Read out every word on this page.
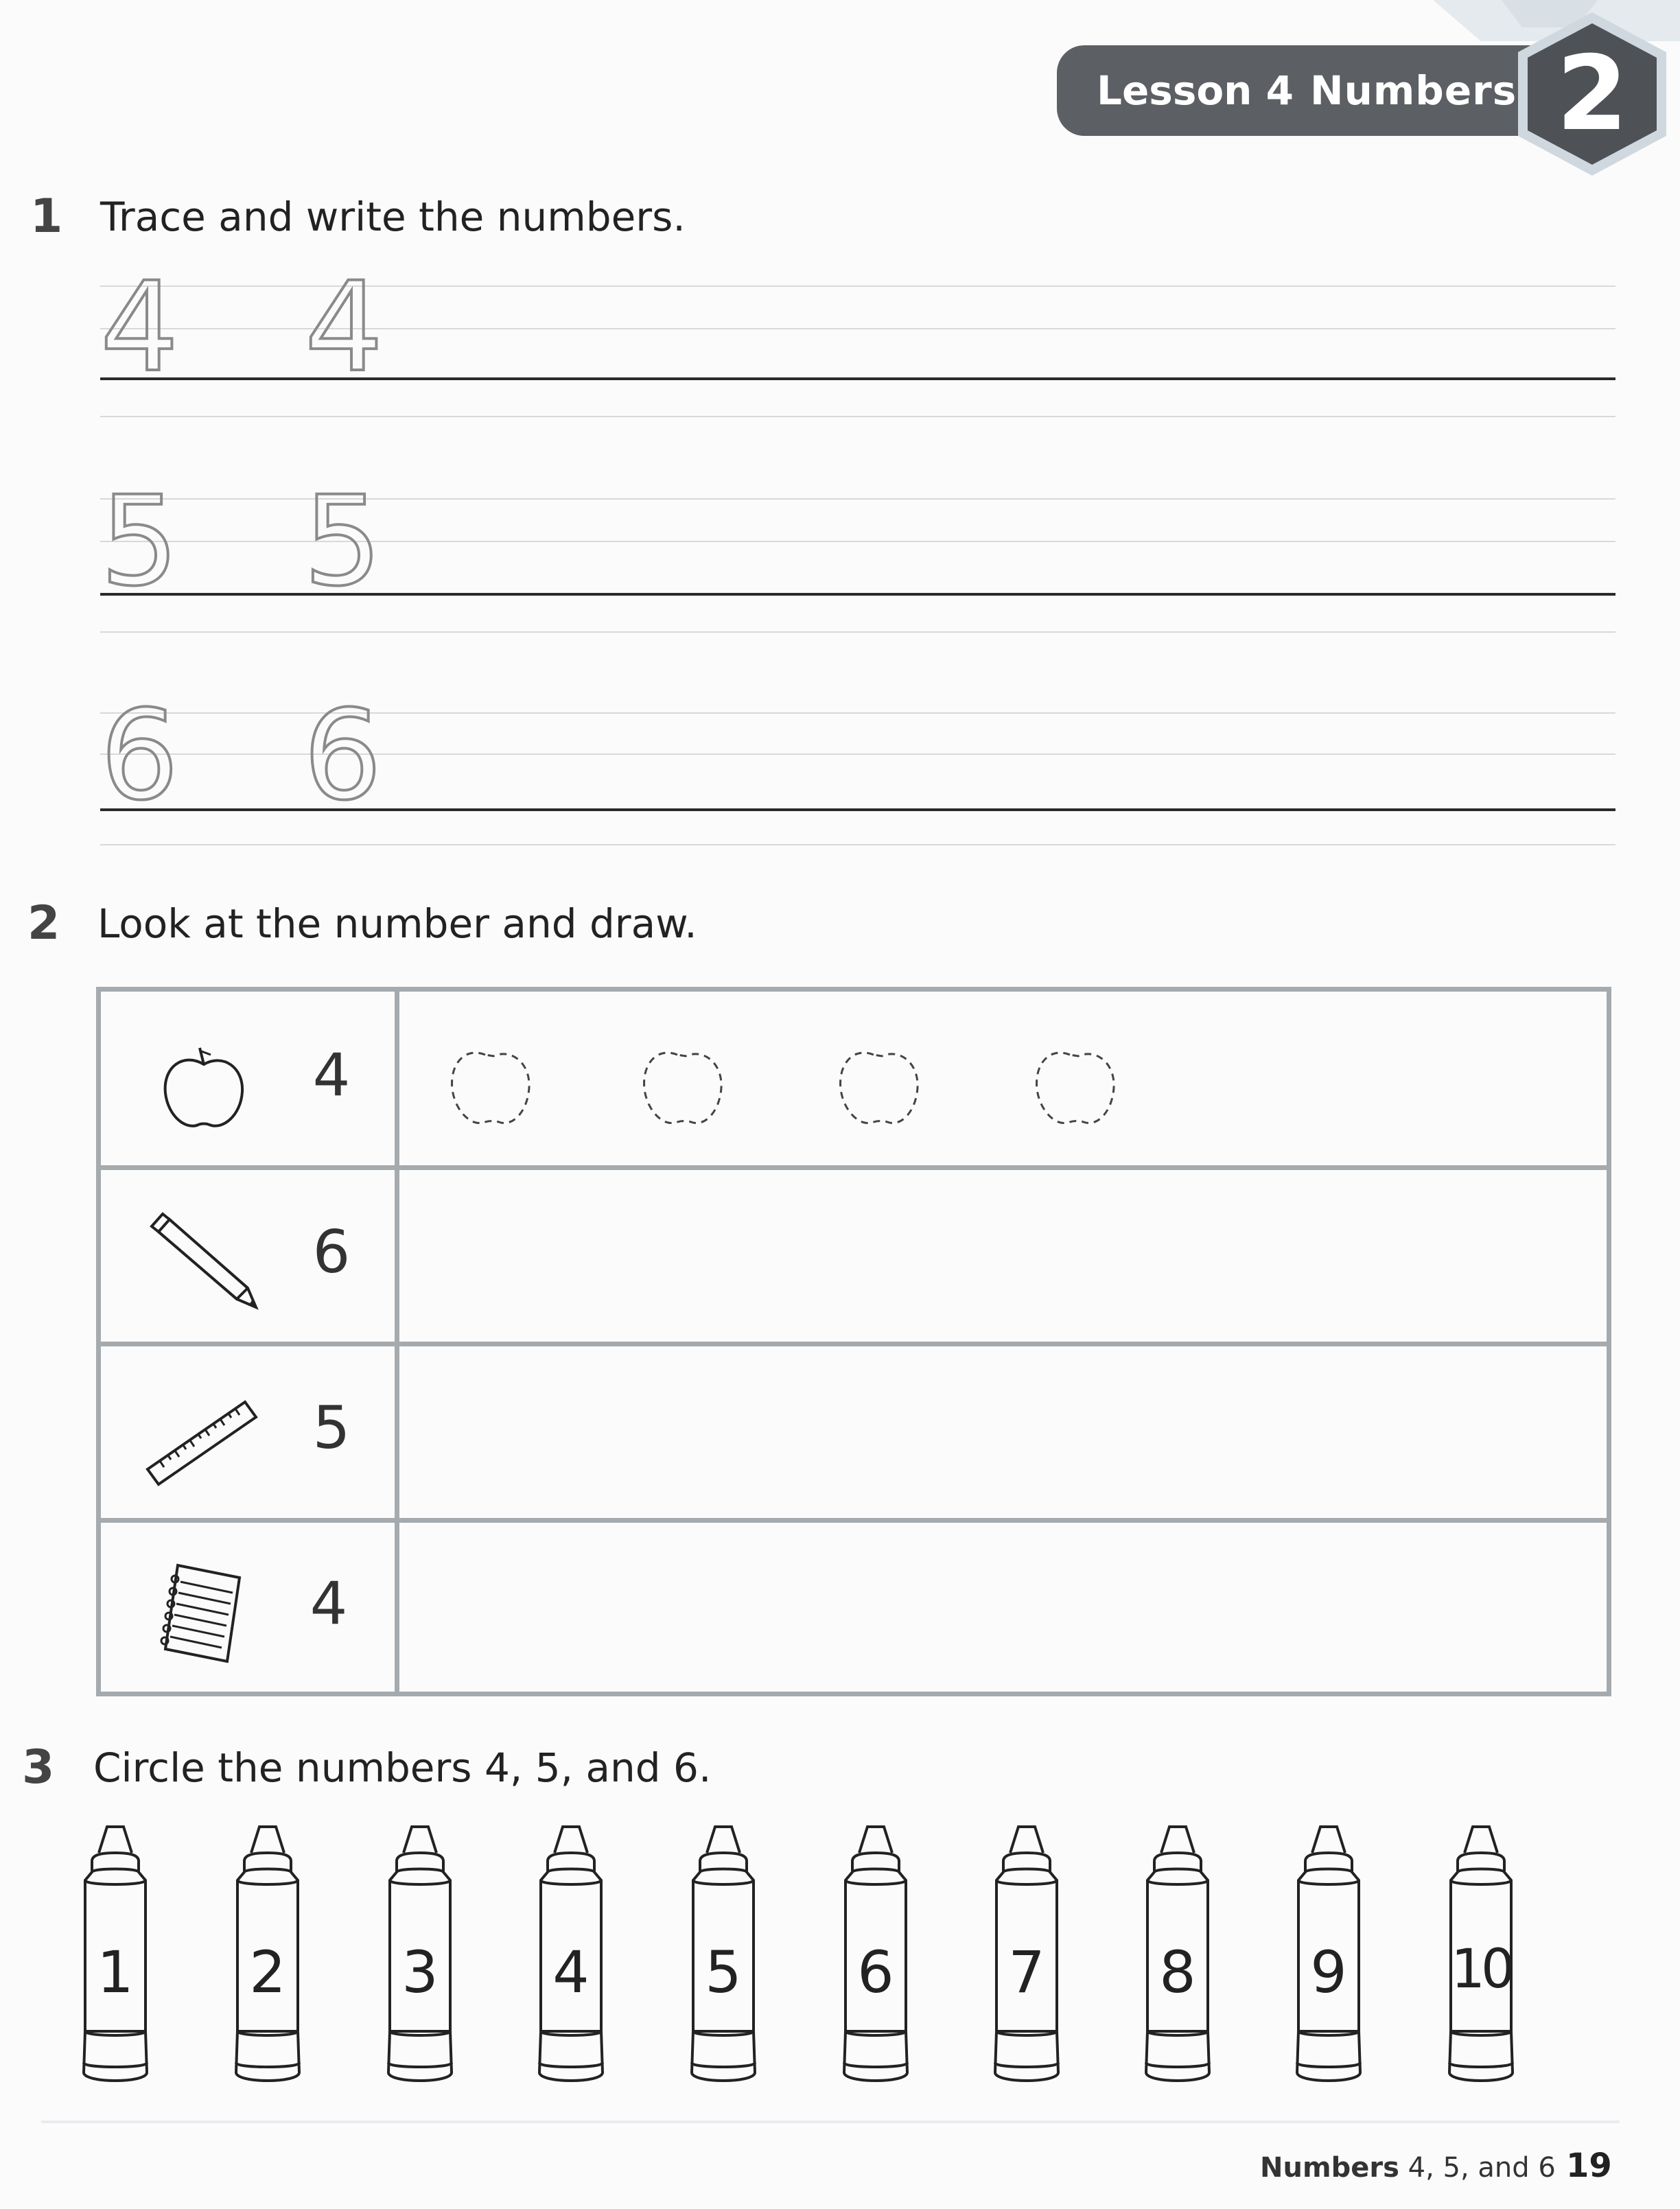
Lesson 4 Numbers 2
1 Trace and write the numbers.
4 4
5 5
6 6
2 Look at the number and draw.
4
6
5
4
3 Circle the numbers 4, 5, and 6.
1	2	3	4	5	6	7	8	9	10
Numbers 4, 5, and 6 19
